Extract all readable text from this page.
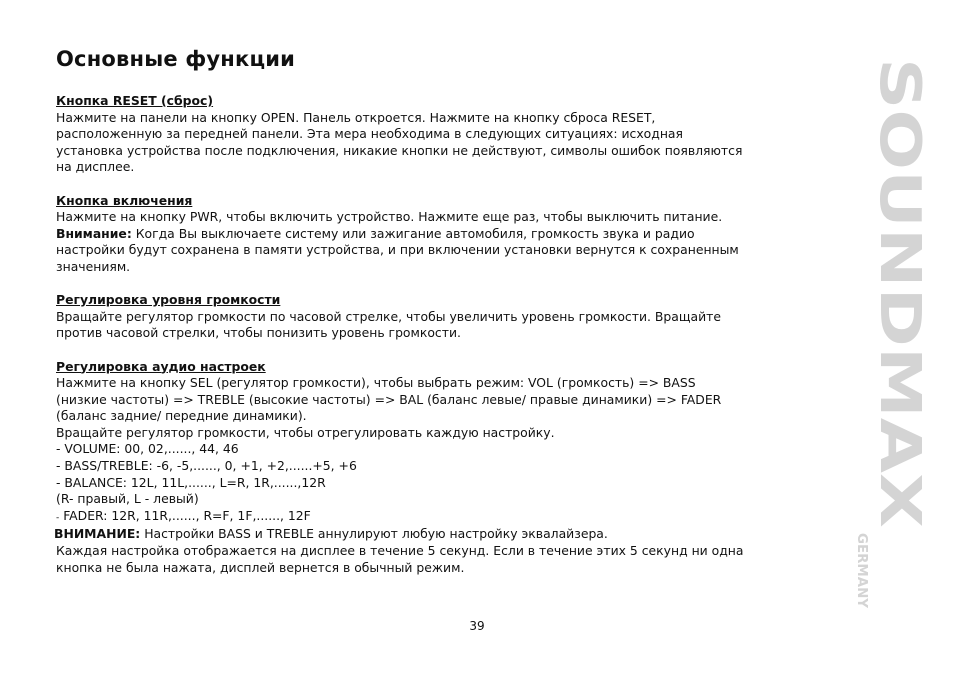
Основные функции
Кнопка RESET (сброс)
Нажмите на панели на кнопку OPEN. Панель откроется. Нажмите на кнопку сброса RESET,
расположенную за передней панели. Эта мера необходима в следующих ситуациях: исходная
установка устройства после подключения, никакие кнопки не действуют, символы ошибок появляются
на дисплее.
Кнопка включения
Нажмите на кнопку PWR, чтобы включить устройство. Нажмите еще раз, чтобы выключить питание.
Внимание: Когда Вы выключаете систему или зажигание автомобиля, громкость звука и радио
настройки будут сохранена в памяти устройства, и при включении установки вернутся к сохраненным
значениям.
Регулировка уровня громкости
Вращайте регулятор громкости по часовой стрелке, чтобы увеличить уровень громкости. Вращайте
против часовой стрелки, чтобы понизить уровень громкости.
Регулировка аудио настроек
Нажмите на кнопку SEL (регулятор громкости), чтобы выбрать режим: VOL (громкость) => BASS
(низкие частоты) => TREBLE (высокие частоты) => BAL (баланс левые/ правые динамики) => FADER
(баланс задние/ передние динамики).
Вращайте регулятор громкости, чтобы отрегулировать каждую настройку.
- VOLUME: 00, 02,......, 44, 46
- BASS/TREBLE: -6, -5,......, 0, +1, +2,......+5, +6
- BALANCE: 12L, 11L,......, L=R, 1R,......,12R
(R- правый, L - левый)
- FADER: 12R, 11R,......, R=F, 1F,......, 12F
ВНИМАНИЕ: Настройки BASS и TREBLE аннулируют любую настройку эквалайзера.
Каждая настройка отображается на дисплее в течение 5 секунд. Если в течение этих 5 секунд ни одна
кнопка не была нажата, дисплей вернется в обычный режим.
SOUNDMAX
GERMANY
39
